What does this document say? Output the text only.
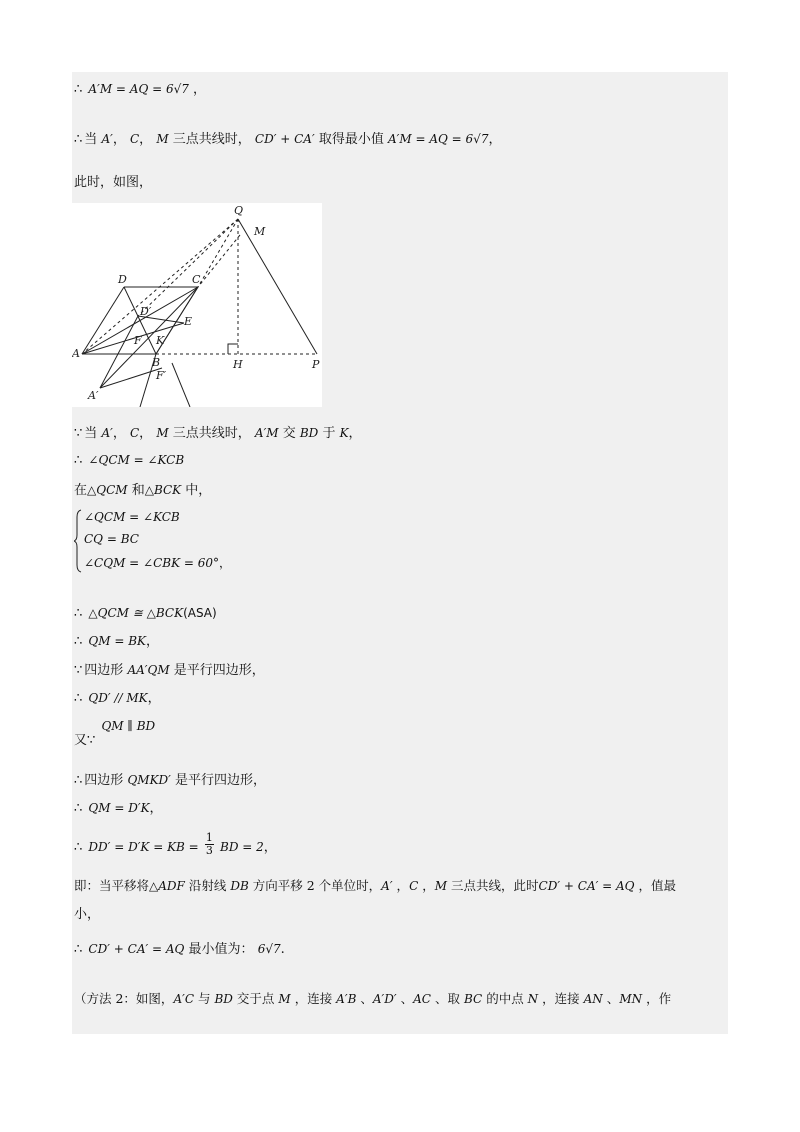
∴ A′M = AQ = 6√7 ，
∴ 当 A′， C， M 三点共线时， CD′ + CA′ 取得最小值 A′M = AQ = 6√7，
此时，如图，
Q
M
D	C
D′
E
A
F K
B
F′
H	P
A′
∵ 当 A′， C， M 三点共线时， A′M 交 BD 于 K，
∴ ∠QCM = ∠KCB
在△QCM 和△BCK 中，
∠QCM = ∠KCB
CQ = BC
∠CQM = ∠CBK = 60°，
∴ △QCM ≅ △BCK(ASA)
∴ QM = BK，
∵ 四边形 AA′QM 是平行四边形，
∴ QD′ // MK，
又∵ QM ∥ BD
∴ 四边形 QMKD′ 是平行四边形，
∴ QM = D′K，
∴ DD′ = D′K = KB = $\frac{1}{3}$ BD = 2，
即：当平移将△ADF 沿射线 DB 方向平移 2 个单位时，A′ ，C ，M 三点共线，此时CD′ + CA′ = AQ ，值最
小，
∴ CD′ + CA′ = AQ 最小值为： 6√7.
（方法 2：如图，A′C 与 BD 交于点 M ，连接 A′B 、A′D′ 、AC 、取 BC 的中点 N ，连接 AN 、MN ，作
